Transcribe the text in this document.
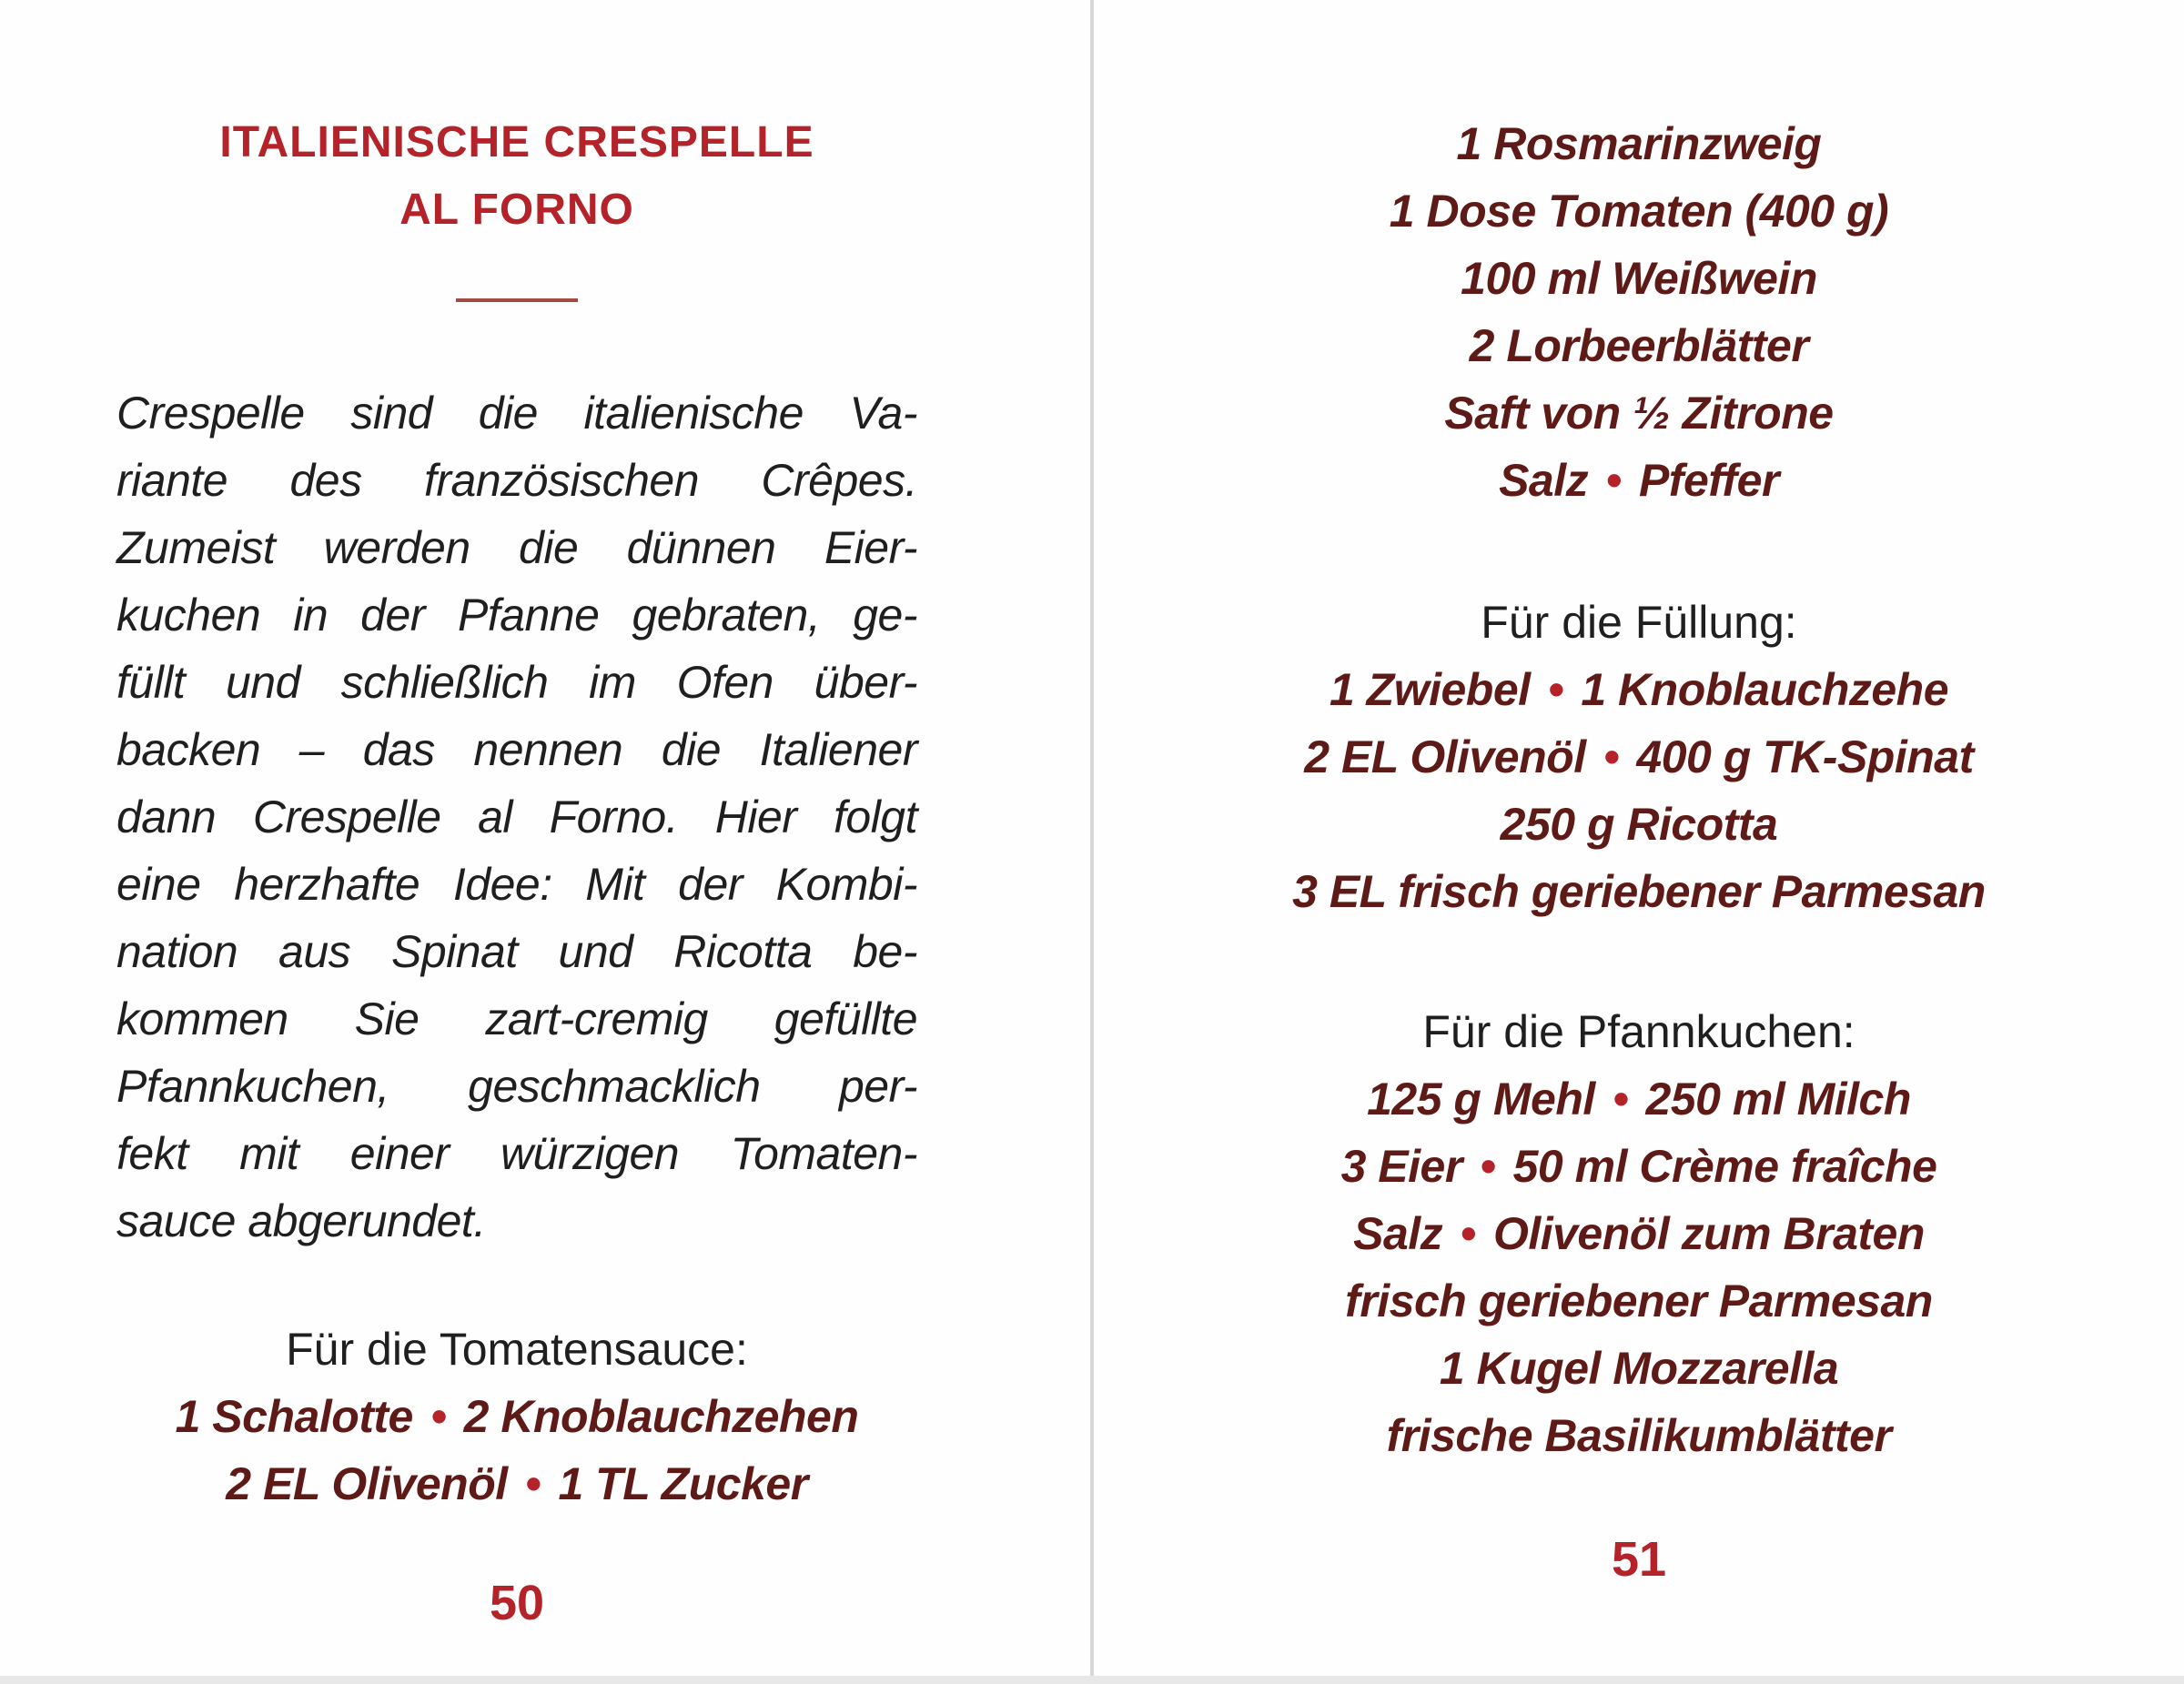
ITALIENISCHE CRESPELLE
AL FORNO
Crespelle sind die italienische Va-
riante des französischen Crêpes.
Zumeist werden die dünnen Eier-
kuchen in der Pfanne gebraten, ge-
füllt und schließlich im Ofen über-
backen – das nennen die Italiener
dann Crespelle al Forno. Hier folgt
eine herzhafte Idee: Mit der Kombi-
nation aus Spinat und Ricotta be-
kommen Sie zart-cremig gefüllte
Pfannkuchen, geschmacklich per-
fekt mit einer würzigen Tomaten-
sauce abgerundet.
Für die Tomatensauce:
1 Schalotte • 2 Knoblauchzehen
2 EL Olivenöl • 1 TL Zucker
50
1 Rosmarinzweig
1 Dose Tomaten (400 g)
100 ml Weißwein
2 Lorbeerblätter
Saft von ½ Zitrone
Salz • Pfeffer
Für die Füllung:
1 Zwiebel • 1 Knoblauchzehe
2 EL Olivenöl • 400 g TK-Spinat
250 g Ricotta
3 EL frisch geriebener Parmesan
Für die Pfannkuchen:
125 g Mehl • 250 ml Milch
3 Eier • 50 ml Crème fraîche
Salz • Olivenöl zum Braten
frisch geriebener Parmesan
1 Kugel Mozzarella
frische Basilikumblätter
51
